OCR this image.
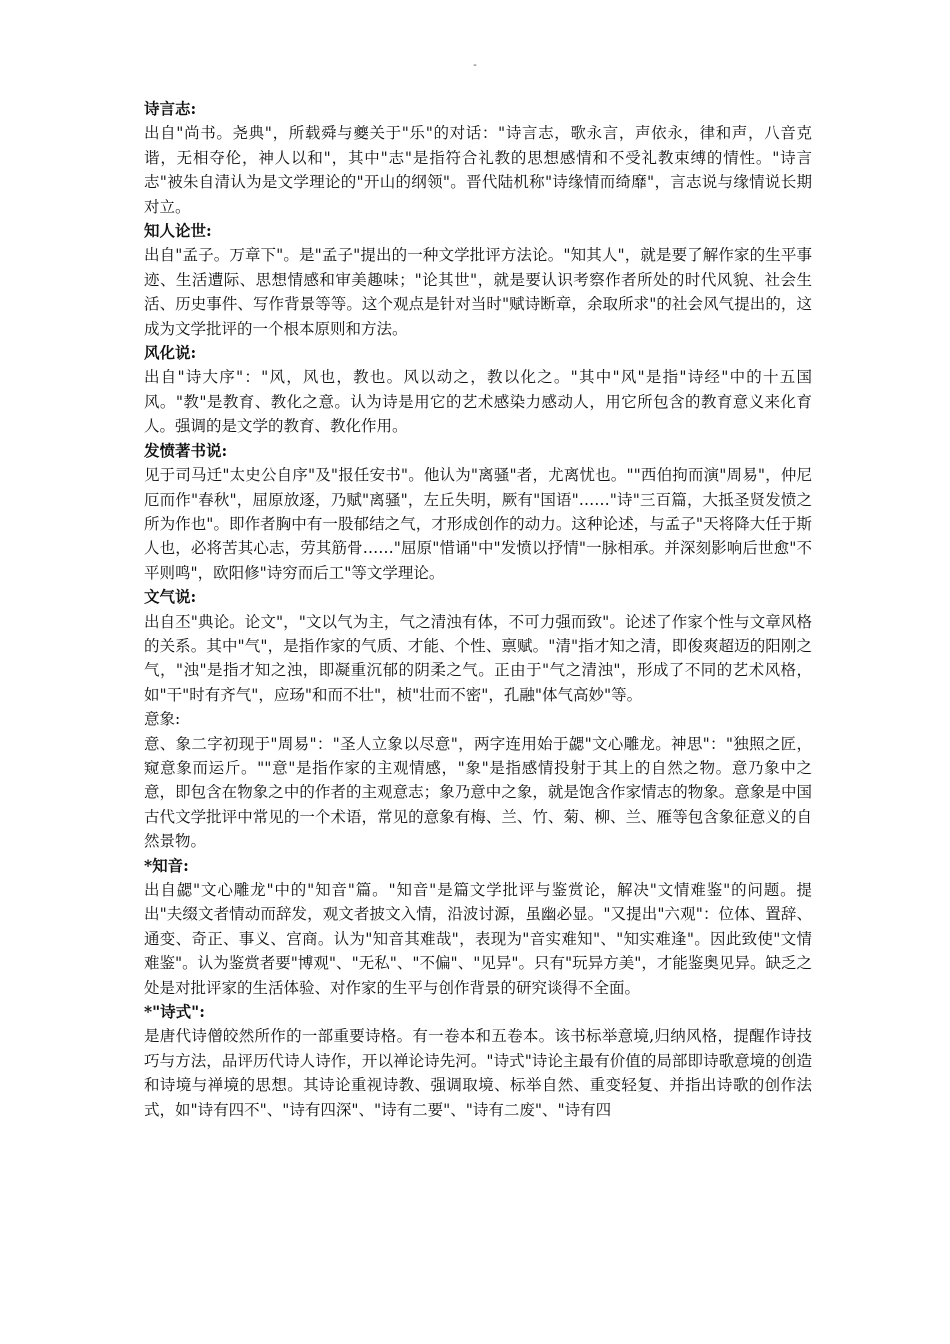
-
诗言志:
出自"尚书。尧典"，所载舜与夔关于"乐"的对话："诗言志，歌永言，声依永，律和声，八音克谐，无相夺伦，神人以和"，其中"志"是指符合礼教的思想感情和不受礼教束缚的情性。"诗言志"被朱自清认为是文学理论的"开山的纲领"。晋代陆机称"诗缘情而绮靡"，言志说与缘情说长期对立。
知人论世:
出自"孟子。万章下"。是"孟子"提出的一种文学批评方法论。"知其人"，就是要了解作家的生平事迹、生活遭际、思想情感和审美趣味；"论其世"，就是要认识考察作者所处的时代风貌、社会生活、历史事件、写作背景等等。这个观点是针对当时"赋诗断章，余取所求"的社会风气提出的，这成为文学批评的一个根本原则和方法。
风化说:
出自"诗大序"："风，风也，教也。风以动之，教以化之。"其中"风"是指"诗经"中的十五国风。"教"是教育、教化之意。认为诗是用它的艺术感染力感动人，用它所包含的教育意义来化育人。强调的是文学的教育、教化作用。
发愤著书说:
见于司马迁"太史公自序"及"报任安书"。他认为"离骚"者，尤离忧也。""西伯拘而演"周易"，仲尼厄而作"春秋"，屈原放逐，乃赋"离骚"，左丘失明，厥有"国语"……"诗"三百篇，大抵圣贤发愤之所为作也"。即作者胸中有一股郁结之气，才形成创作的动力。这种论述，与孟子"天将降大任于斯人也，必将苦其心志，劳其筋骨……"屈原"惜诵"中"发愤以抒情"一脉相承。并深刻影响后世愈"不平则鸣"，欧阳修"诗穷而后工"等文学理论。
文气说:
出自丕"典论。论文"，"文以气为主，气之清浊有体，不可力强而致"。论述了作家个性与文章风格的关系。其中"气"，是指作家的气质、才能、个性、禀赋。"清"指才知之清，即俊爽超迈的阳刚之气，"浊"是指才知之浊，即凝重沉郁的阴柔之气。正由于"气之清浊"，形成了不同的艺术风格，如"干"时有齐气"，应玚"和而不壮"，桢"壮而不密"，孔融"体气高妙"等。
意象:
意、象二字初现于"周易"："圣人立象以尽意"，两字连用始于勰"文心雕龙。神思"："独照之匠，窥意象而运斤。""意"是指作家的主观情感，"象"是指感情投射于其上的自然之物。意乃象中之意，即包含在物象之中的作者的主观意志；象乃意中之象，就是饱含作家情志的物象。意象是中国古代文学批评中常见的一个术语，常见的意象有梅、兰、竹、菊、柳、兰、雁等包含象征意义的自然景物。
*知音:
出自勰"文心雕龙"中的"知音"篇。"知音"是篇文学批评与鉴赏论，解决"文情难鉴"的问题。提出"夫缀文者情动而辞发，观文者披文入情，沿波讨源，虽幽必显。"又提出"六观"：位体、置辞、通变、奇正、事义、宫商。认为"知音其难哉"，表现为"音实难知"、"知实难逢"。因此致使"文情难鉴"。认为鉴赏者要"博观"、"无私"、"不偏"、"见异"。只有"玩异方美"，才能鉴奥见异。缺乏之处是对批评家的生活体验、对作家的生平与创作背景的研究谈得不全面。
*"诗式":
是唐代诗僧皎然所作的一部重要诗格。有一卷本和五卷本。该书标举意境,归纳风格，提醒作诗技巧与方法，品评历代诗人诗作，开以禅论诗先河。"诗式"诗论主最有价值的局部即诗歌意境的创造和诗境与禅境的思想。其诗论重视诗教、强调取境、标举自然、重变轻复、并指出诗歌的创作法式，如"诗有四不"、"诗有四深"、"诗有二要"、"诗有二废"、"诗有四
